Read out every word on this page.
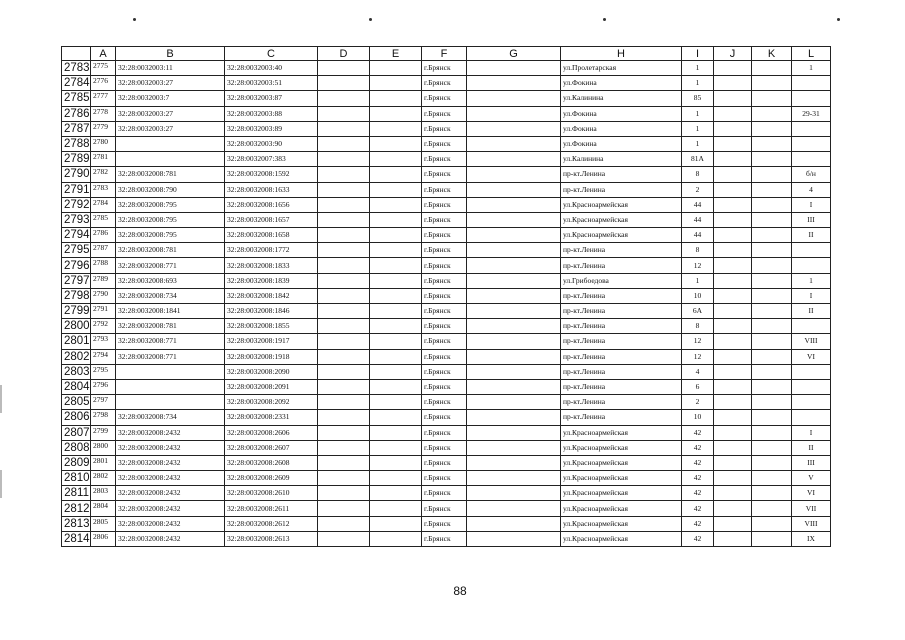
	A	B	C	D	E	F	G	H	I	J	K	L
2783	2775	32:28:0032003:11	32:28:0032003:40			г.Брянск		ул.Пролетарская	1			1
2784	2776	32:28:0032003:27	32:28:0032003:51			г.Брянск		ул.Фокина	1			
2785	2777	32:28:0032003:7	32:28:0032003:87			г.Брянск		ул.Калинина	85			
2786	2778	32:28:0032003:27	32:28:0032003:88			г.Брянск		ул.Фокина	1			29-31
2787	2779	32:28:0032003:27	32:28:0032003:89			г.Брянск		ул.Фокина	1			
2788	2780		32:28:0032003:90			г.Брянск		ул.Фокина	1			
2789	2781		32:28:0032007:383			г.Брянск		ул.Калинина	81А			
2790	2782	32:28:0032008:781	32:28:0032008:1592			г.Брянск		пр-кт.Ленина	8			б/н
2791	2783	32:28:0032008:790	32:28:0032008:1633			г.Брянск		пр-кт.Ленина	2			4
2792	2784	32:28:0032008:795	32:28:0032008:1656			г.Брянск		ул.Красноармейская	44			I
2793	2785	32:28:0032008:795	32:28:0032008:1657			г.Брянск		ул.Красноармейская	44			III
2794	2786	32:28:0032008:795	32:28:0032008:1658			г.Брянск		ул.Красноармейская	44			II
2795	2787	32:28:0032008:781	32:28:0032008:1772			г.Брянск		пр-кт.Ленина	8			
2796	2788	32:28:0032008:771	32:28:0032008:1833			г.Брянск		пр-кт.Ленина	12			
2797	2789	32:28:0032008:693	32:28:0032008:1839			г.Брянск		ул.Грибоедова	1			1
2798	2790	32:28:0032008:734	32:28:0032008:1842			г.Брянск		пр-кт.Ленина	10			I
2799	2791	32:28:0032008:1841	32:28:0032008:1846			г.Брянск		пр-кт.Ленина	6А			II
2800	2792	32:28:0032008:781	32:28:0032008:1855			г.Брянск		пр-кт.Ленина	8			
2801	2793	32:28:0032008:771	32:28:0032008:1917			г.Брянск		пр-кт.Ленина	12			VIII
2802	2794	32:28:0032008:771	32:28:0032008:1918			г.Брянск		пр-кт.Ленина	12			VI
2803	2795		32:28:0032008:2090			г.Брянск		пр-кт.Ленина	4			
2804	2796		32:28:0032008:2091			г.Брянск		пр-кт.Ленина	6			
2805	2797		32:28:0032008:2092			г.Брянск		пр-кт.Ленина	2			
2806	2798	32:28:0032008:734	32:28:0032008:2331			г.Брянск		пр-кт.Ленина	10			
2807	2799	32:28:0032008:2432	32:28:0032008:2606			г.Брянск		ул.Красноармейская	42			I
2808	2800	32:28:0032008:2432	32:28:0032008:2607			г.Брянск		ул.Красноармейская	42			II
2809	2801	32:28:0032008:2432	32:28:0032008:2608			г.Брянск		ул.Красноармейская	42			III
2810	2802	32:28:0032008:2432	32:28:0032008:2609			г.Брянск		ул.Красноармейская	42			V
2811	2803	32:28:0032008:2432	32:28:0032008:2610			г.Брянск		ул.Красноармейская	42			VI
2812	2804	32:28:0032008:2432	32:28:0032008:2611			г.Брянск		ул.Красноармейская	42			VII
2813	2805	32:28:0032008:2432	32:28:0032008:2612			г.Брянск		ул.Красноармейская	42			VIII
2814	2806	32:28:0032008:2432	32:28:0032008:2613			г.Брянск		ул.Красноармейская	42			IX
88
